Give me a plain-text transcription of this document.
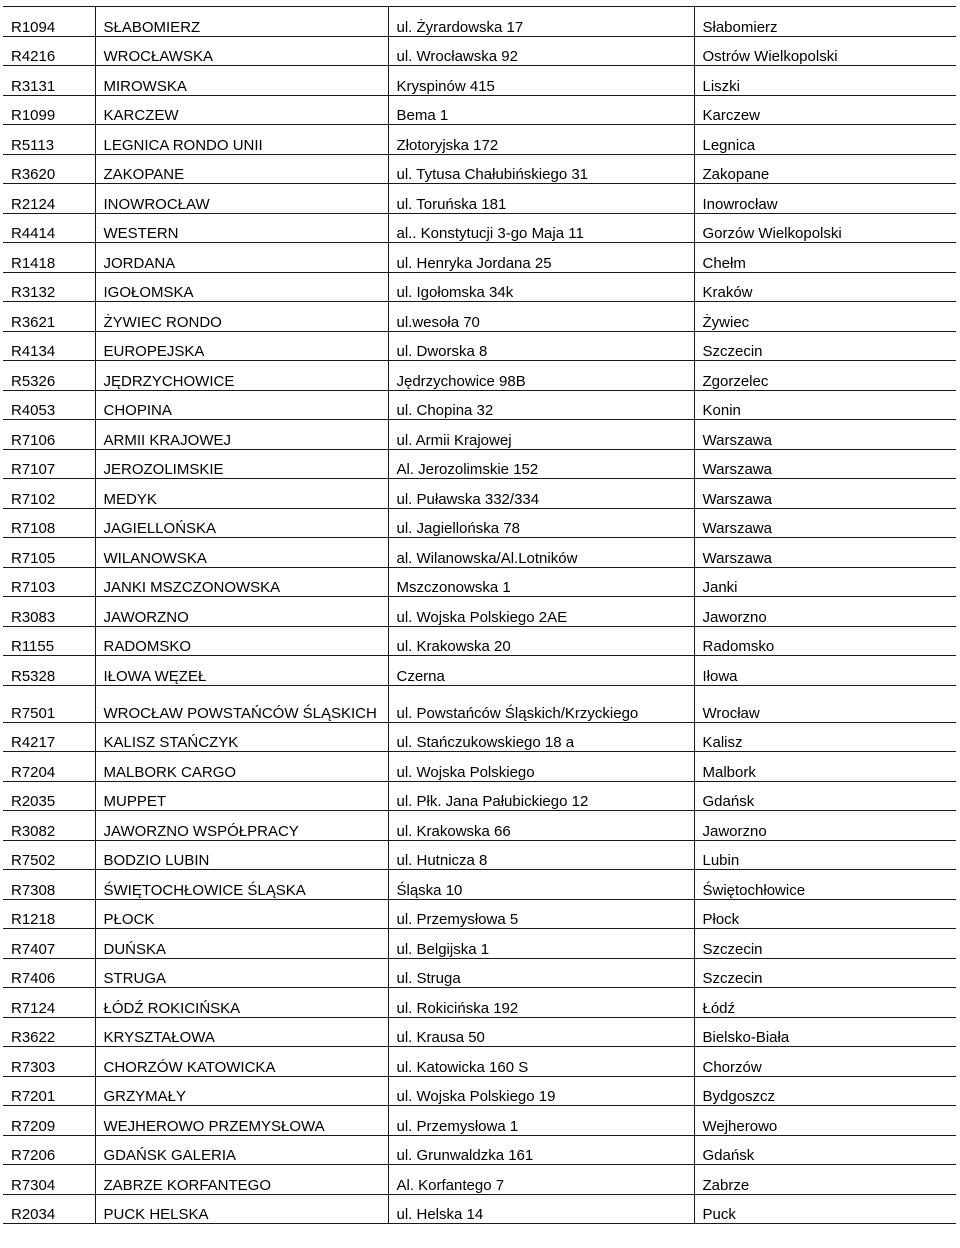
R1094	SŁABOMIERZ	ul. Żyrardowska 17	Słabomierz
R4216	WROCŁAWSKA	ul. Wrocławska 92	Ostrów Wielkopolski
R3131	MIROWSKA	Kryspinów 415	Liszki
R1099	KARCZEW	Bema 1	Karczew
R5113	LEGNICA RONDO UNII	Złotoryjska 172	Legnica
R3620	ZAKOPANE	ul. Tytusa Chałubińskiego 31	Zakopane
R2124	INOWROCŁAW	ul. Toruńska 181	Inowrocław
R4414	WESTERN	al.. Konstytucji 3-go Maja 11	Gorzów Wielkopolski
R1418	JORDANA	ul. Henryka Jordana 25	Chełm
R3132	IGOŁOMSKA	ul. Igołomska 34k	Kraków
R3621	ŻYWIEC RONDO	ul.wesoła 70	Żywiec
R4134	EUROPEJSKA	ul. Dworska 8	Szczecin
R5326	JĘDRZYCHOWICE	Jędrzychowice 98B	Zgorzelec
R4053	CHOPINA	ul. Chopina 32	Konin
R7106	ARMII KRAJOWEJ	ul. Armii Krajowej	Warszawa
R7107	JEROZOLIMSKIE	Al. Jerozolimskie 152	Warszawa
R7102	MEDYK	ul. Puławska 332/334	Warszawa
R7108	JAGIELLOŃSKA	ul. Jagiellońska 78	Warszawa
R7105	WILANOWSKA	al. Wilanowska/Al.Lotników	Warszawa
R7103	JANKI MSZCZONOWSKA	Mszczonowska 1	Janki
R3083	JAWORZNO	ul. Wojska Polskiego 2AE	Jaworzno
R1155	RADOMSKO	ul. Krakowska 20	Radomsko
R5328	IŁOWA WĘZEŁ	Czerna	Iłowa
R7501	WROCŁAW POWSTAŃCÓW ŚLĄSKICH	ul. Powstańców Śląskich/Krzyckiego	Wrocław
R4217	KALISZ STAŃCZYK	ul. Stańczukowskiego 18 a	Kalisz
R7204	MALBORK CARGO	ul. Wojska Polskiego	Malbork
R2035	MUPPET	ul. Płk. Jana Pałubickiego 12	Gdańsk
R3082	JAWORZNO WSPÓŁPRACY	ul. Krakowska 66	Jaworzno
R7502	BODZIO LUBIN	ul. Hutnicza 8	Lubin
R7308	ŚWIĘTOCHŁOWICE ŚLĄSKA	Śląska 10	Świętochłowice
R1218	PŁOCK	ul. Przemysłowa 5	Płock
R7407	DUŃSKA	ul. Belgijska 1	Szczecin
R7406	STRUGA	ul. Struga	Szczecin
R7124	ŁÓDŹ ROKICIŃSKA	ul. Rokicińska 192	Łódź
R3622	KRYSZTAŁOWA	ul. Krausa 50	Bielsko-Biała
R7303	CHORZÓW KATOWICKA	ul. Katowicka 160 S	Chorzów
R7201	GRZYMAŁY	ul. Wojska Polskiego 19	Bydgoszcz
R7209	WEJHEROWO PRZEMYSŁOWA	ul. Przemysłowa 1	Wejherowo
R7206	GDAŃSK GALERIA	ul. Grunwaldzka 161	Gdańsk
R7304	ZABRZE KORFANTEGO	Al. Korfantego 7	Zabrze
R2034	PUCK HELSKA	ul. Helska 14	Puck
